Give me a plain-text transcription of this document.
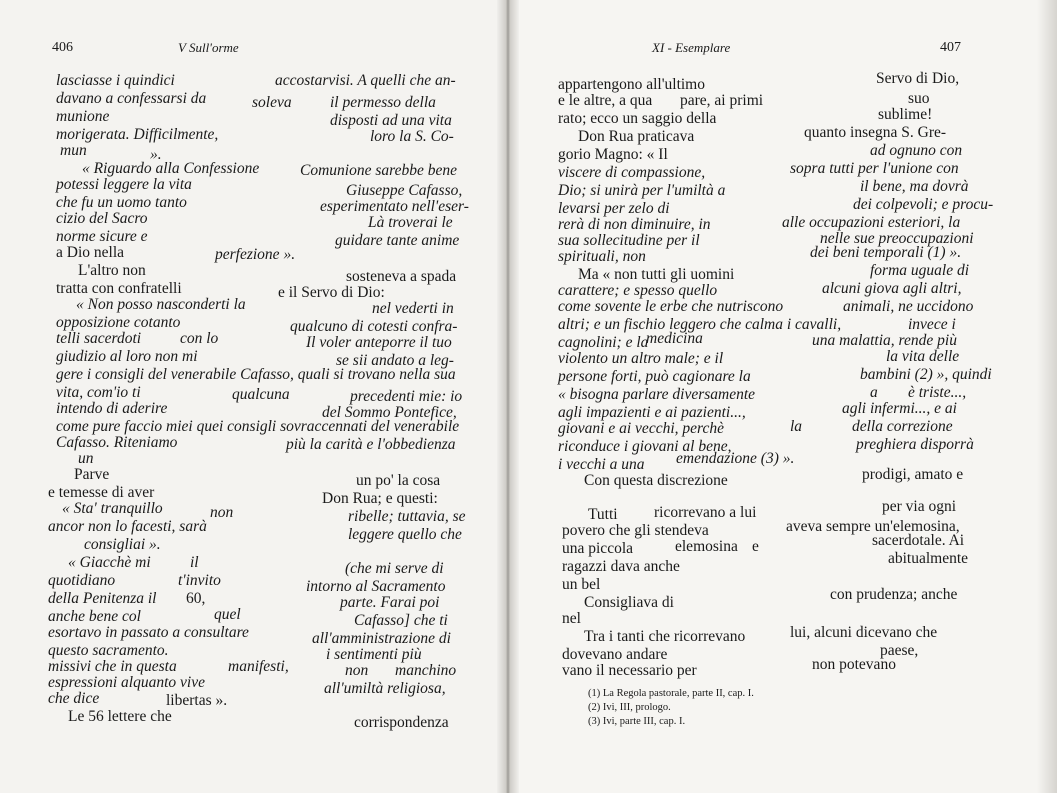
406	V Sull'orme	XI - Esemplare	407
lasciasse i quindici	accostarvisi. A quelli che an-
davano a confessarsi da	soleva il permesso della
munione	disposti ad una vita
morigerata. Difficilmente,	loro la S. Co-
mun	».
« Riguardo alla Confessione	Comunione sarebbe bene
potessi leggere la vita	Giuseppe Cafasso,
che fu un uomo tanto	esperimentato nell'eser-
cizio del Sacro	Là troverai le
norme sicure e	guidare tante anime
a Dio nella	perfezione ».
L'altro non	sosteneva a spada
tratta con confratelli	e il Servo di Dio:
« Non posso nasconderti la	nel vederti in
opposizione cotanto	qualcuno di cotesti confra-
telli sacerdoti	con lo	Il voler anteporre il tuo
giudizio al loro non mi	se sii andato a leg-
gere i consigli del venerabile Cafasso, quali si trovano nella sua
vita, com'io ti	qualcuna	precedenti mie: io
intendo di aderire	del Sommo Pontefice,
come pure faccio miei quei consigli sovraccennati del venerabile
Cafasso. Riteniamo	più la carità e l'obbedienza
un
Parve	un po' la cosa
e temesse di aver	Don Rua; e questi:
« Sta' tranquillo	non	ribelle; tuttavia, se
ancor non lo facesti, sarà	leggere quello che
consigliai ».
« Giacchè mi	il	(che mi serve di
quotidiano	t'invito	intorno al Sacramento
della Penitenza il 60,	parte. Farai poi
anche bene col	quel	Cafasso] che ti
esortavo in passato a consultare	all'amministrazione di
questo sacramento.	i sentimenti più
missivi che in questa	manifesti,	non manchino
espressioni alquanto vive	all'umiltà religiosa,
che dice	libertas ».
Le 56 lettere che	corrispondenza
appartengono all'ultimo	Servo di Dio,
suo
e le altre, a qua pare, ai primi
sublime!
rato; ecco un saggio della
Don Rua praticava	quanto insegna S. Gre-
gorio Magno: « Il	ad ognuno con
viscere di compassione,	sopra tutti per l'unione con
Dio; si unirà per l'umiltà a	il bene, ma dovrà
levarsi per zelo di	dei colpevoli; e procu-
rerà di non diminuire, in	alle occupazioni esteriori, la
sua sollecitudine per il	nelle sue preoccupazioni
spirituali, non	dei beni temporali (1) ».
Ma « non tutti gli uomini	forma uguale di
carattere; e spesso quello	alcuni giova agli altri,
come sovente le erbe che nutriscono	animali, ne uccidono
altri; e un fischio leggero che calma i cavalli,	invece i
cagnolini; e la
medicina	una malattia, rende più
violento un altro male; e il	la vita delle
persone forti, può cagionare la	bambini (2) », quindi
« bisogna parlare diversamente	a è triste...,
agli impazienti e ai pazienti...,	agli infermi..., e ai
giovani e ai vecchi, perchè	la	della correzione
riconduce i giovani al bene,	preghiera disporrà
i vecchi a una emendazione (3) ».
Con questa discrezione	prodigi, amato e
Tutti ricorrevano a lui	per via ogni
povero che gli stendeva	aveva sempre un'elemosina,
una piccola	elemosina e	sacerdotale. Ai
ragazzi dava anche	abitualmente
un bel
Consigliava di	con prudenza; anche
nel
Tra i tanti che ricorrevano	lui, alcuni dicevano che
paese,
dovevano andare
vano il necessario per	non potevano
(1) La Regola pastorale, parte II, cap. I.
(2) Ivi, III, prologo.
(3) Ivi, parte III, cap. I.
